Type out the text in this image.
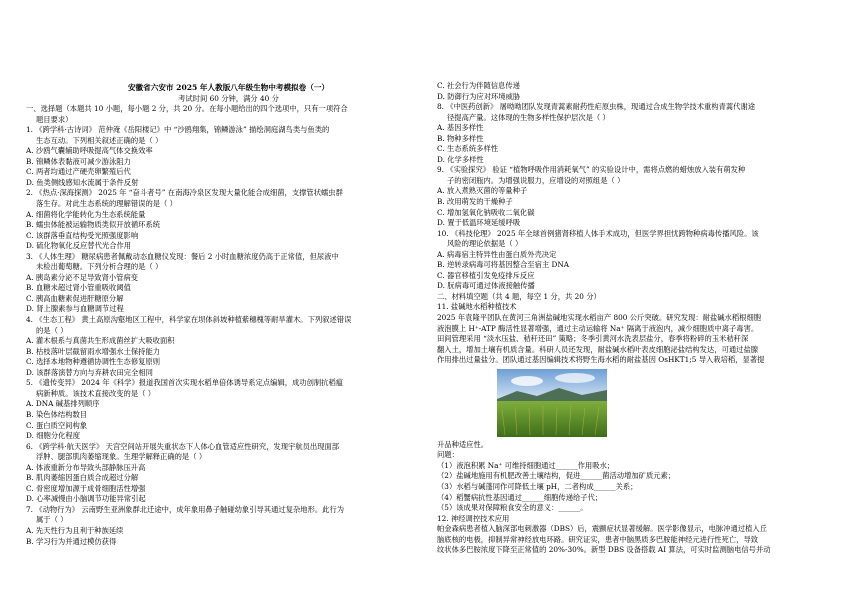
安徽省六安市 2025 年人教版八年级生物中考模拟卷（一）
考试时间 60 分钟，满分 40 分
一、选择题（本题共 10 小题，每小题 2 分，共 20 分。在每小题给出的四个选项中，只有一项符合
题目要求）
1. 《跨学科·古诗词》 范仲淹《岳阳楼记》中 “沙鸥翔集，锦鳞游泳” 描绘洞庭湖鸟类与鱼类的
生态互动。下列相关叙述正确的是（ ）
A. 沙鸥气囊辅助呼吸提高气体交换效率
B. 锦鳞体表黏液可减少游泳阻力
C. 两者均通过产硬壳卵繁殖后代
D. 鱼类侧线感知水流属于条件反射
2. 《热点·深海探测》 2025 年 “奋斗者号” 在南海冷泉区发现大量化能合成细菌，支撑管状蠕虫群
落生存。对此生态系统的理解错误的是（ ）
A. 细菌将化学能转化为生态系统能量
B. 蠕虫体能被运输物质类似开放循环系统
C. 该群落垂直结构受光照强度影响
D. 硫化物氧化反应替代光合作用
3. 《人体生理》 糖尿病患者佩戴动态血糖仪发现：餐后 2 小时血糖浓度仍高于正常值，但尿液中
未检出葡萄糖。下列分析合理的是（ ）
A. 胰岛素分泌不足导致肾小管病变
B. 血糖未超过肾小管重吸收阈值
C. 胰高血糖素促进肝糖原分解
D. 肾上腺素参与血糖调节过程
4. 《生态工程》 黄土高原沟壑地区工程中，科学家在坝体斜坡种植紫穗槐等耐旱灌木。下列叙述错误
的是（ ）
A. 灌木根系与真菌共生形成菌丝扩大吸收面积
B. 枯枝落叶层截留雨水增强水土保持能力
C. 选择本地物种遵循协调性生态修复原则
D. 该群落演替方向与弃耕农田完全相同
5. 《遗传变异》 2024 年《科学》报道我国首次实现水稻单倍体诱导系定点编辑，成功创制抗稻瘟
病新种质。该技术直接改变的是（ ）
A. DNA 碱基排列顺序
B. 染色体结构数目
C. 蛋白质空间构象
D. 细胞分化程度
6. 《跨学科·航天医学》 天宫空间站开展失重状态下人体心血管适应性研究，发现宇航员出现面部
浮肿、腿部肌肉萎缩现象。生理学解释正确的是（ ）
A. 体液重新分布导致头部静脉压升高
B. 肌肉萎缩因蛋白质合成超过分解
C. 骨密度增加源于成骨细胞活性增强
D. 心率减慢由小脑调节功能异常引起
7. 《动物行为》 云南野生亚洲象群北迁途中，成年象用鼻子触碰幼象引导其通过复杂地形。此行为
属于（ ）
A. 先天性行为且利于种族延续
B. 学习行为并通过模仿获得
C. 社会行为伴随信息传递
D. 防御行为应对环境威胁
8. 《中医药创新》 屠呦呦团队发现青蒿素耐药性疟原虫株，现通过合成生物学技术重构青蒿代谢途
径提高产量。这体现的生物多样性保护层次是（ ）
A. 基因多样性
B. 物种多样性
C. 生态系统多样性
D. 化学多样性
9. 《实验探究》 验证 “植物呼吸作用消耗氧气” 的实验设计中，需将点燃的蜡烛放入装有萌发种
子的密闭瓶内。为增强说服力，应增设的对照组是（ ）
A. 放入煮熟灭菌的等量种子
B. 改用萌发的干燥种子
C. 增加氢氧化钠吸收二氧化碳
D. 置于低温环境延缓呼吸
10. 《科技伦理》 2025 年全球首例猪肾移植人体手术成功，但医学界担忧跨物种病毒传播风险。该
风险的理论依据是（ ）
A. 病毒宿主特异性由蛋白质外壳决定
B. 逆转录病毒可将基因整合至宿主 DNA
C. 器官移植引发免疫排斥反应
D. 朊病毒可通过体液接触传播
二、材料填空题（共 4 题，每空 1 分，共 20 分）
11. 盐碱地水稻种植技术
2025 年袁隆平团队在黄河三角洲盐碱地实现水稻亩产 800 公斤突破。研究发现：耐盐碱水稻根细胞
液泡膜上 H⁺-ATP 酶活性显著增强，通过主动运输将 Na⁺ 隔离于液泡内，减少细胞质中离子毒害。
田间管理采用 “淡水压盐、秸秆还田” 策略；冬季引黄河水洗表层盐分，春季将粉碎的玉米秸秆深
翻入土，增加土壤有机质含量。科研人员还发现，耐盐碱水稻叶表皮细胞泌盐结构发达，可通过盐腺
作用排出过量盐分。团队通过基因编辑技术将野生海水稻的耐盐基因 OsHKT1;5 导入栽培稻，显著提
升品种适应性。
问题：
（1）液泡积累 Na⁺ 可维持细胞通过______作用吸水；
（2）盐碱地施用有机肥改善土壤结构，促进______菌活动增加矿质元素；
（3）水稻与碱蓬同作可降低土壤 pH，二者构成______关系；
（4）稻蟹病抗性基因通过______细胞传递给子代；
（5）该成果对保障粮食安全的意义：______。
12. 神经调控技术应用
帕金森病患者植入脑深部电刺激器（DBS）后，震颤症状显著缓解。医学影像显示，电脉冲通过植入丘
脑底核的电极，抑制异常神经放电环路。研究证实，患者中脑黑质多巴胺能神经元进行性死亡，导致
纹状体多巴胺浓度下降至正常值的 20%-30%。新型 DBS 设备搭载 AI 算法，可实时监测脑电信号并动
